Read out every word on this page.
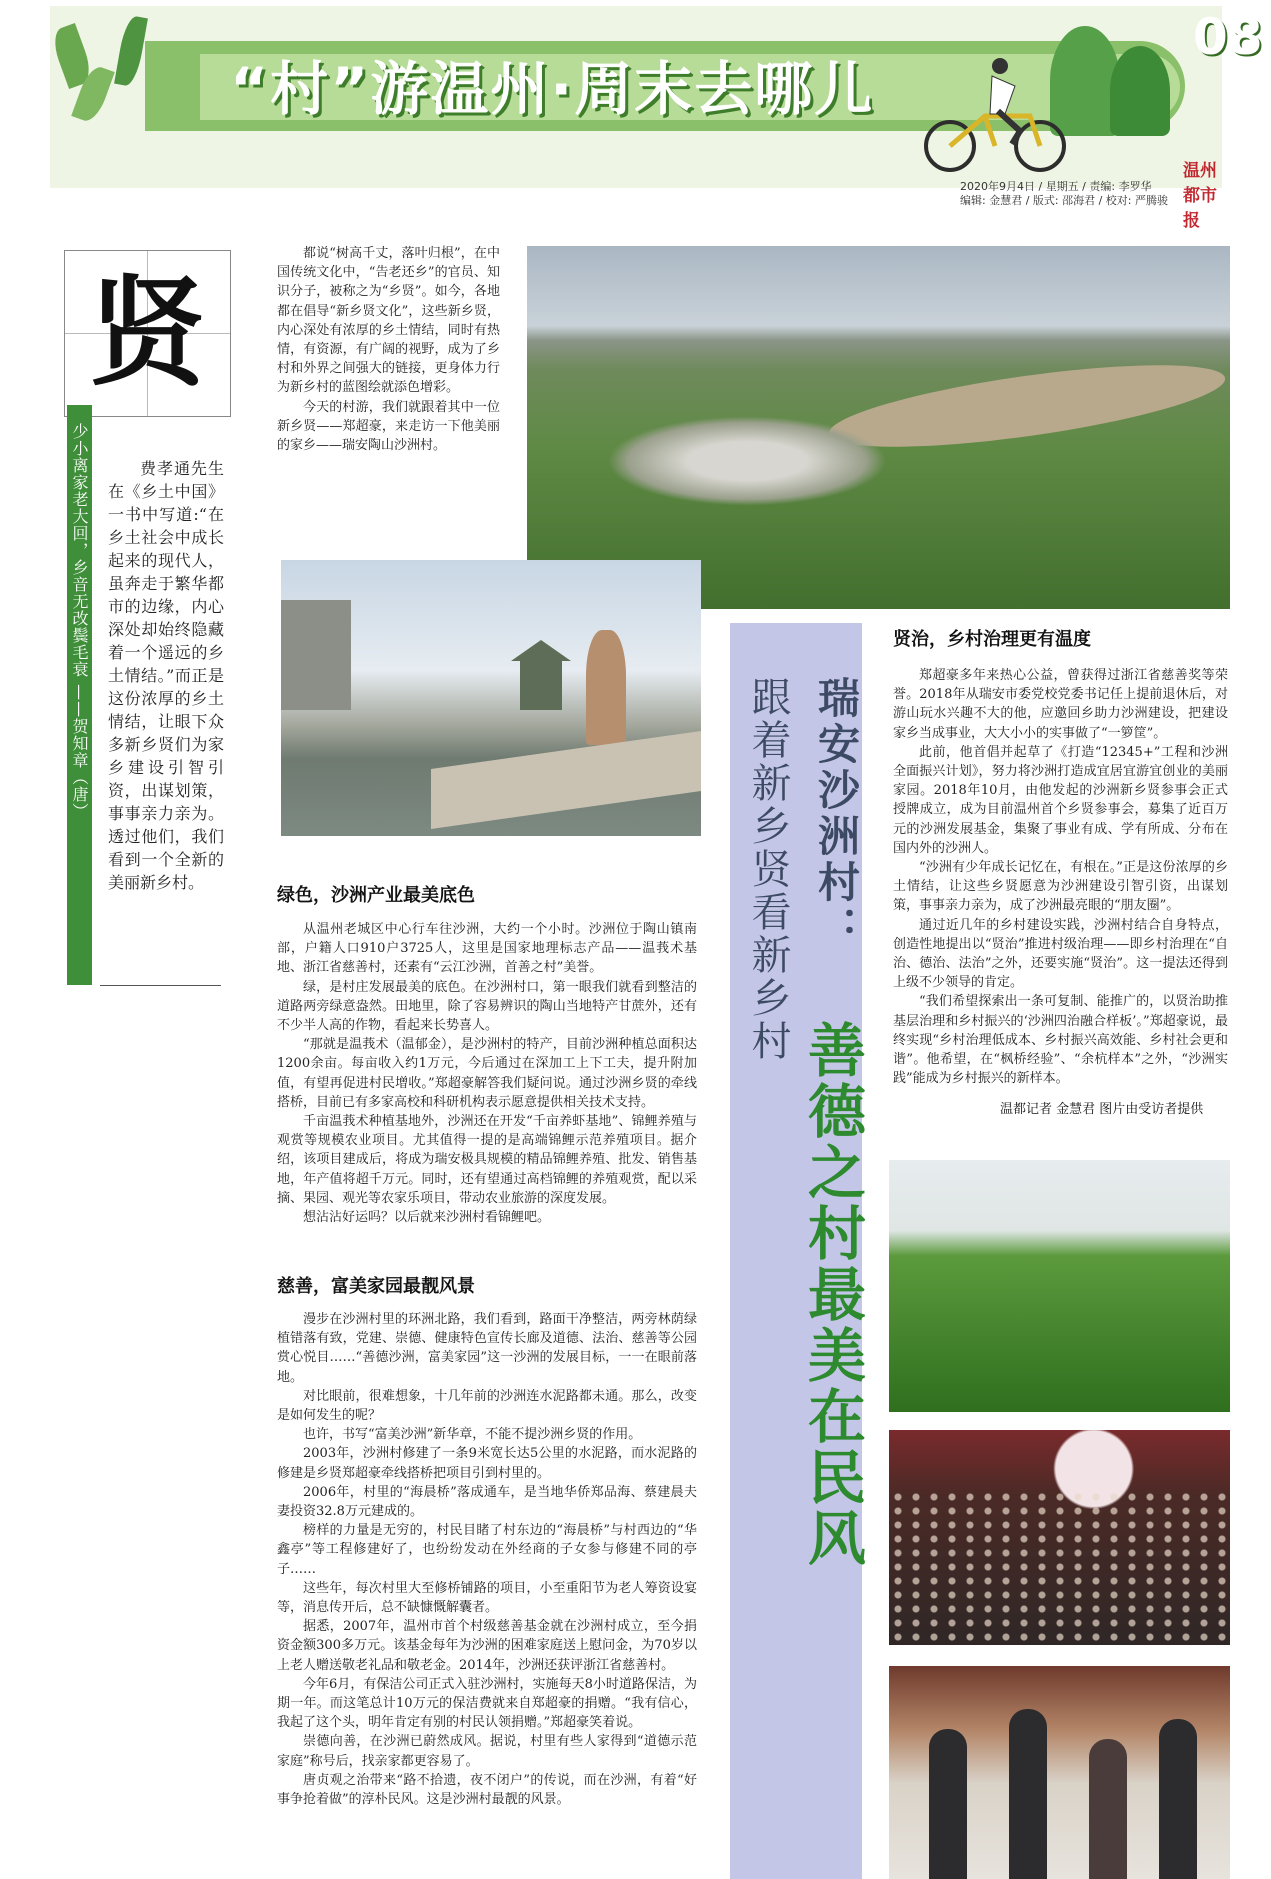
“村”游温州·周末去哪儿
08
温州都市报
2020年9月4日 / 星期五 / 责编: 李罗华
编辑: 金慧君 / 版式: 邵海君 / 校对: 严腾骏
贤
少小离家老大回，乡音无改鬓毛衰 ——贺知章（唐）	费孝通先生在《乡土中国》一书中写道:“在乡土社会中成长起来的现代人，虽奔走于繁华都市的边缘，内心深处却始终隐藏着一个遥远的乡土情结。”而正是这份浓厚的乡土情结，让眼下众多新乡贤们为家乡建设引智引资，出谋划策，事事亲力亲为。透过他们，我们看到一个全新的美丽新乡村。

都说“树高千丈，落叶归根”，在中国传统文化中，“告老还乡”的官员、知识分子，被称之为“乡贤”。如今，各地都在倡导“新乡贤文化”，这些新乡贤，内心深处有浓厚的乡土情结，同时有热情，有资源，有广阔的视野，成为了乡村和外界之间强大的链接，更身体力行为新乡村的蓝图绘就添色增彩。

今天的村游，我们就跟着其中一位新乡贤——郑超豪，来走访一下他美丽的家乡——瑞安陶山沙洲村。

瑞安沙洲村：
善德之村最美在民风
跟着新乡贤看新乡村
绿色，沙洲产业最美底色

从温州老城区中心行车往沙洲，大约一个小时。沙洲位于陶山镇南部，户籍人口910户3725人，这里是国家地理标志产品——温莪术基地、浙江省慈善村，还素有“云江沙洲，首善之村”美誉。

绿，是村庄发展最美的底色。在沙洲村口，第一眼我们就看到整洁的道路两旁绿意盎然。田地里，除了容易辨识的陶山当地特产甘蔗外，还有不少半人高的作物，看起来长势喜人。

“那就是温莪术（温郁金），是沙洲村的特产，目前沙洲种植总面积达1200余亩。每亩收入约1万元，今后通过在深加工上下工夫，提升附加值，有望再促进村民增收。”郑超豪解答我们疑问说。通过沙洲乡贤的牵线搭桥，目前已有多家高校和科研机构表示愿意提供相关技术支持。

千亩温莪术种植基地外，沙洲还在开发“千亩养虾基地”、锦鲤养殖与观赏等规模农业项目。尤其值得一提的是高端锦鲤示范养殖项目。据介绍，该项目建成后，将成为瑞安极具规模的精品锦鲤养殖、批发、销售基地，年产值将超千万元。同时，还有望通过高档锦鲤的养殖观赏，配以采摘、果园、观光等农家乐项目，带动农业旅游的深度发展。

想沾沾好运吗？以后就来沙洲村看锦鲤吧。

慈善，富美家园最靓风景

漫步在沙洲村里的环洲北路，我们看到，路面干净整洁，两旁林荫绿植错落有致，党建、崇德、健康特色宣传长廊及道德、法治、慈善等公园赏心悦目……“善德沙洲，富美家园”这一沙洲的发展目标，一一在眼前落地。

对比眼前，很难想象，十几年前的沙洲连水泥路都未通。那么，改变是如何发生的呢？

也许，书写“富美沙洲”新华章，不能不提沙洲乡贤的作用。

2003年，沙洲村修建了一条9米宽长达5公里的水泥路，而水泥路的修建是乡贤郑超豪牵线搭桥把项目引到村里的。

2006年，村里的“海晨桥”落成通车，是当地华侨郑品海、蔡建晨夫妻投资32.8万元建成的。

榜样的力量是无穷的，村民目睹了村东边的“海晨桥”与村西边的“华鑫亭”等工程修建好了，也纷纷发动在外经商的子女参与修建不同的亭子……

这些年，每次村里大至修桥铺路的项目，小至重阳节为老人筹资设宴等，消息传开后，总不缺慷慨解囊者。

据悉，2007年，温州市首个村级慈善基金就在沙洲村成立，至今捐资金额300多万元。该基金每年为沙洲的困难家庭送上慰问金，为70岁以上老人赠送敬老礼品和敬老金。2014年，沙洲还获评浙江省慈善村。

今年6月，有保洁公司正式入驻沙洲村，实施每天8小时道路保洁，为期一年。而这笔总计10万元的保洁费就来自郑超豪的捐赠。“我有信心，我起了这个头，明年肯定有别的村民认领捐赠。”郑超豪笑着说。

崇德向善，在沙洲已蔚然成风。据说，村里有些人家得到“道德示范家庭”称号后，找亲家都更容易了。

唐贞观之治带来“路不拾遗，夜不闭户”的传说，而在沙洲，有着“好事争抢着做”的淳朴民风。这是沙洲村最靓的风景。

贤治，乡村治理更有温度

郑超豪多年来热心公益，曾获得过浙江省慈善奖等荣誉。2018年从瑞安市委党校党委书记任上提前退休后，对游山玩水兴趣不大的他，应邀回乡助力沙洲建设，把建设家乡当成事业，大大小小的实事做了“一箩筐”。

此前，他首倡并起草了《打造“12345+”工程和沙洲全面振兴计划》，努力将沙洲打造成宜居宜游宜创业的美丽家园。2018年10月，由他发起的沙洲新乡贤参事会正式授牌成立，成为目前温州首个乡贤参事会，募集了近百万元的沙洲发展基金，集聚了事业有成、学有所成、分布在国内外的沙洲人。

“沙洲有少年成长记忆在，有根在。”正是这份浓厚的乡土情结，让这些乡贤愿意为沙洲建设引智引资，出谋划策，事事亲力亲为，成了沙洲最亮眼的“朋友圈”。

通过近几年的乡村建设实践，沙洲村结合自身特点，创造性地提出以“贤治”推进村级治理——即乡村治理在“自治、德治、法治”之外，还要实施“贤治”。这一提法还得到上级不少领导的肯定。

“我们希望探索出一条可复制、能推广的，以贤治助推基层治理和乡村振兴的‘沙洲四治融合样板’。”郑超豪说，最终实现“乡村治理低成本、乡村振兴高效能、乡村社会更和谐”。他希望，在“枫桥经验”、“余杭样本”之外，“沙洲实践”能成为乡村振兴的新样本。

温都记者 金慧君 图片由受访者提供
